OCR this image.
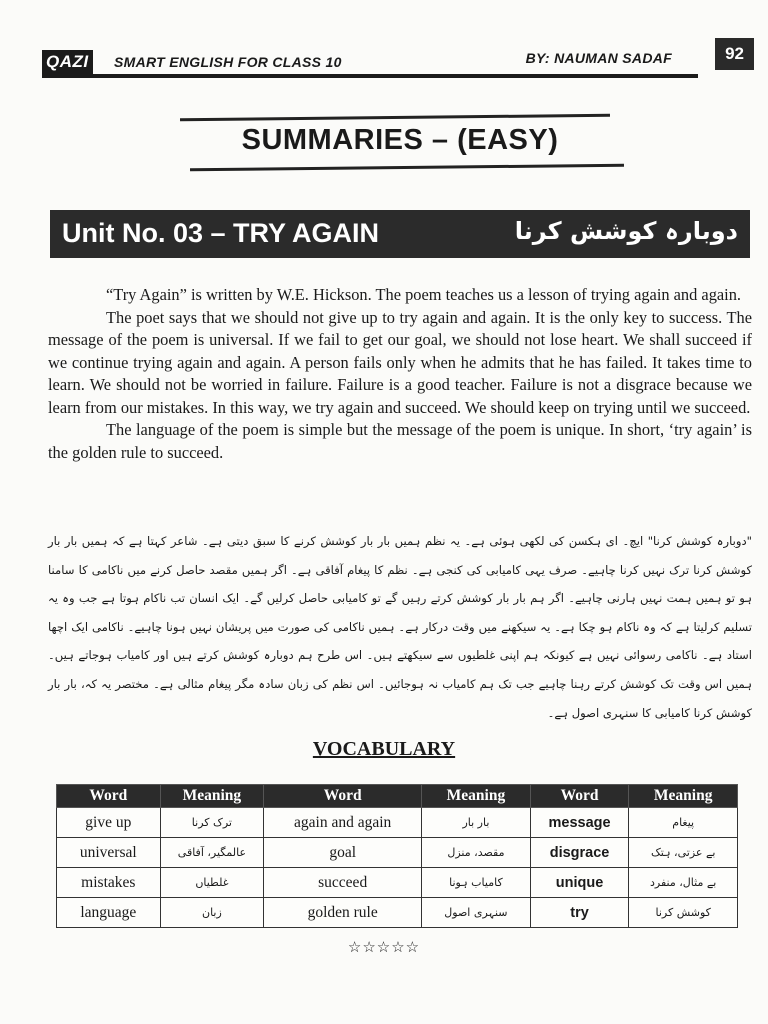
QAZI SMART ENGLISH FOR CLASS 10	BY: NAUMAN SADAF	92
SUMMARIES – (EASY)
Unit No. 03 – TRY AGAIN	دوبارہ کوشش کرنا

“Try Again” is written by W.E. Hickson. The poem teaches us a lesson of trying again and again.

The poet says that we should not give up to try again and again. It is the only key to success. The message of the poem is universal. If we fail to get our goal, we should not lose heart. We shall succeed if we continue trying again and again. A person fails only when he admits that he has failed. It takes time to learn. We should not be worried in failure. Failure is a good teacher. Failure is not a disgrace because we learn from our mistakes. In this way, we try again and succeed. We should keep on trying until we succeed.

The language of the poem is simple but the message of the poem is unique. In short, ‘try again’ is the golden rule to succeed.

"دوبارہ کوشش کرنا" ایچ۔ ای ہکسن کی لکھی ہوئی ہے۔ یہ نظم ہمیں بار بار کوشش کرنے کا سبق دیتی ہے۔ شاعر کہتا ہے کہ ہمیں بار بار کوشش کرنا ترک نہیں کرنا چاہیے۔ صرف یہی کامیابی کی کنجی ہے۔ نظم کا پیغام آفاقی ہے۔ اگر ہمیں مقصد حاصل کرنے میں ناکامی کا سامنا ہو تو ہمیں ہمت نہیں ہارنی چاہیے۔ اگر ہم بار بار کوشش کرتے رہیں گے تو کامیابی حاصل کرلیں گے۔ ایک انسان تب ناکام ہوتا ہے جب وہ یہ تسلیم کرلیتا ہے کہ وہ ناکام ہو چکا ہے۔ یہ سیکھنے میں وقت درکار ہے۔ ہمیں ناکامی کی صورت میں پریشان نہیں ہونا چاہیے۔ ناکامی ایک اچھا استاد ہے۔ ناکامی رسوائی نہیں ہے کیونکہ ہم اپنی غلطیوں سے سیکھتے ہیں۔ اس طرح ہم دوبارہ کوشش کرتے ہیں اور کامیاب ہوجاتے ہیں۔ ہمیں اس وقت تک کوشش کرتے رہنا چاہیے جب تک ہم کامیاب نہ ہوجائیں۔ اس نظم کی زبان سادہ مگر پیغام مثالی ہے۔ مختصر یہ کہ، بار بار کوشش کرنا کامیابی کا سنہری اصول ہے۔
VOCABULARY
Word	Meaning	Word	Meaning	Word	Meaning
give up	ترک کرنا	again and again	بار بار	message	پیغام
universal	عالمگیر، آفاقی	goal	مقصد، منزل	disgrace	بے عزتی، ہتک
mistakes	غلطیاں	succeed	کامیاب ہونا	unique	بے مثال، منفرد
language	زبان	golden rule	سنہری اصول	try	کوشش کرنا
☆☆☆☆☆
